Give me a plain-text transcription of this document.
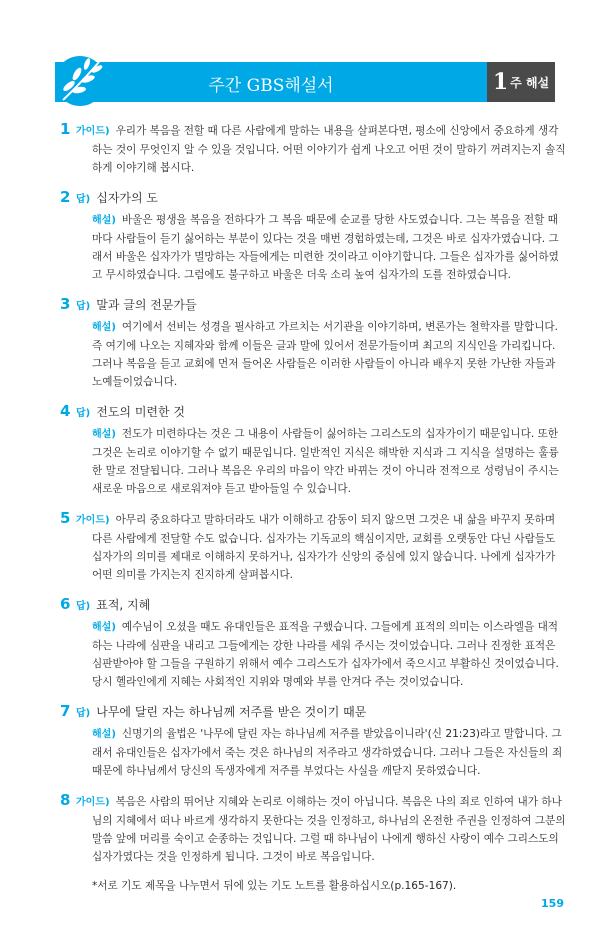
주간 GBS해설서	1 주 해설
1 가이드) 우리가 복음을 전할 때 다른 사람에게 말하는 내용을 살펴본다면, 평소에 신앙에서 중요하게 생각하는 것이 무엇인지 알 수 있을 것입니다. 어떤 이야기가 쉽게 나오고 어떤 것이 말하기 꺼려지는지 솔직하게 이야기해 봅시다.
2 답) 십자가의 도
해설) 바울은 평생을 복음을 전하다가 그 복음 때문에 순교를 당한 사도였습니다. 그는 복음을 전할 때마다 사람들이 듣기 싫어하는 부분이 있다는 것을 매번 경험하였는데, 그것은 바로 십자가였습니다. 그래서 바울은 십자가가 멸망하는 자들에게는 미련한 것이라고 이야기합니다. 그들은 십자가를 싫어하였고 무시하였습니다. 그럼에도 불구하고 바울은 더욱 소리 높여 십자가의 도를 전하였습니다.
3 답) 말과 글의 전문가들
해설) 여기에서 선비는 성경을 필사하고 가르치는 서기관을 이야기하며, 변론가는 철학자를 말합니다. 즉 여기에 나오는 지혜자와 함께 이들은 글과 말에 있어서 전문가들이며 최고의 지식인을 가리킵니다. 그러나 복음을 듣고 교회에 먼저 들어온 사람들은 이러한 사람들이 아니라 배우지 못한 가난한 자들과 노예들이었습니다.
4 답) 전도의 미련한 것
해설) 전도가 미련하다는 것은 그 내용이 사람들이 싫어하는 그리스도의 십자가이기 때문입니다. 또한 그것은 논리로 이야기할 수 없기 때문입니다. 일반적인 지식은 해박한 지식과 그 지식을 설명하는 훌륭한 말로 전달됩니다. 그러나 복음은 우리의 마음이 약간 바뀌는 것이 아니라 전적으로 성령님이 주시는 새로운 마음으로 새로워져야 듣고 받아들일 수 있습니다.
5 가이드) 아무리 중요하다고 말하더라도 내가 이해하고 감동이 되지 않으면 그것은 내 삶을 바꾸지 못하며 다른 사람에게 전달할 수도 없습니다. 십자가는 기독교의 핵심이지만, 교회를 오랫동안 다닌 사람들도 십자가의 의미를 제대로 이해하지 못하거나, 십자가가 신앙의 중심에 있지 않습니다. 나에게 십자가가 어떤 의미를 가지는지 진지하게 살펴봅시다.
6 답) 표적, 지혜
해설) 예수님이 오셨을 때도 유대인들은 표적을 구했습니다. 그들에게 표적의 의미는 이스라엘을 대적하는 나라에 심판을 내리고 그들에게는 강한 나라를 세워 주시는 것이었습니다. 그러나 진정한 표적은 심판받아야 할 그들을 구원하기 위해서 예수 그리스도가 십자가에서 죽으시고 부활하신 것이었습니다. 당시 헬라인에게 지혜는 사회적인 지위와 명예와 부를 안겨다 주는 것이었습니다.
7 답) 나무에 달린 자는 하나님께 저주를 받은 것이기 때문
해설) 신명기의 율법은 '나무에 달린 자는 하나님께 저주를 받았음이니라'(신 21:23)라고 말합니다. 그래서 유대인들은 십자가에서 죽는 것은 하나님의 저주라고 생각하였습니다. 그러나 그들은 자신들의 죄 때문에 하나님께서 당신의 독생자에게 저주를 부었다는 사실을 깨닫지 못하였습니다.
8 가이드) 복음은 사람의 뛰어난 지혜와 논리로 이해하는 것이 아닙니다. 복음은 나의 죄로 인하여 내가 하나님의 지혜에서 떠나 바르게 생각하지 못한다는 것을 인정하고, 하나님의 온전한 주권을 인정하여 그분의 말씀 앞에 머리를 숙이고 순종하는 것입니다. 그럴 때 하나님이 나에게 행하신 사랑이 예수 그리스도의 십자가였다는 것을 인정하게 됩니다. 그것이 바로 복음입니다.
*서로 기도 제목을 나누면서 뒤에 있는 기도 노트를 활용하십시오(p.165-167).
159
